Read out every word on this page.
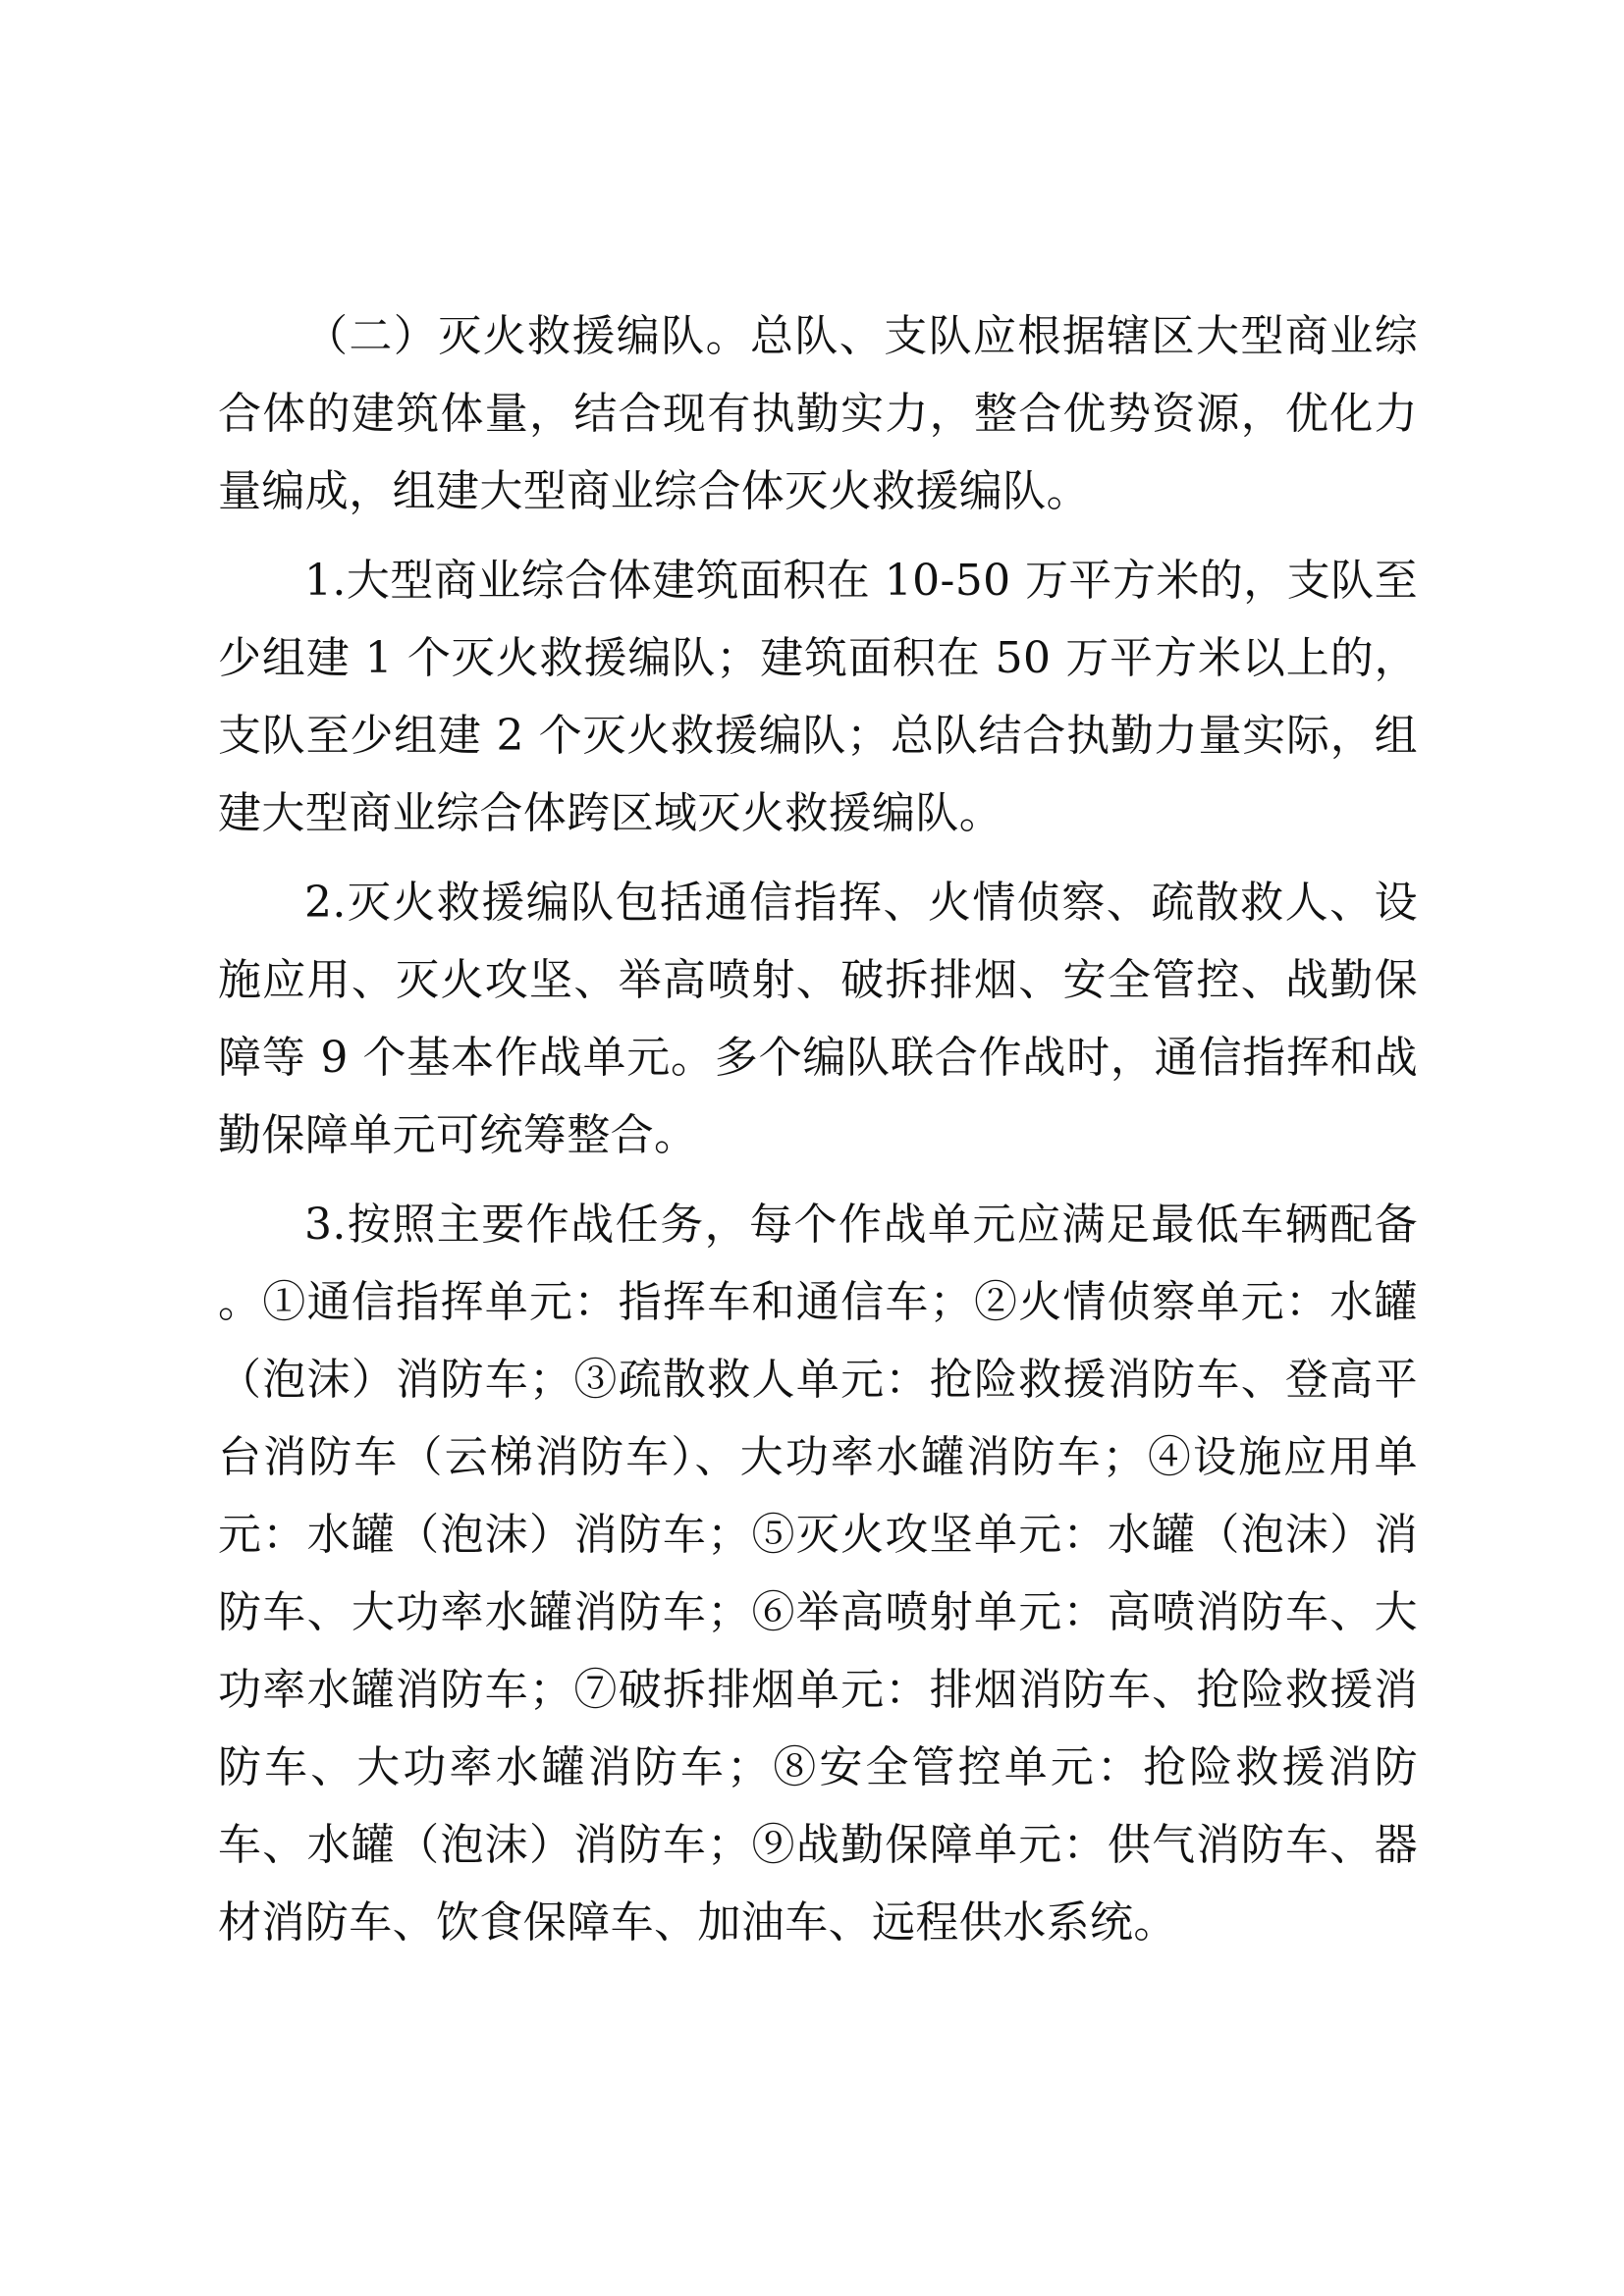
（二）灭火救援编队。总队、支队应根据辖区大型商业综合体的建筑体量，结合现有执勤实力，整合优势资源，优化力量编成，组建大型商业综合体灭火救援编队。

1.大型商业综合体建筑面积在 10-50 万平方米的，支队至少组建 1 个灭火救援编队；建筑面积在 50 万平方米以上的，支队至少组建 2 个灭火救援编队；总队结合执勤力量实际，组建大型商业综合体跨区域灭火救援编队。

2.灭火救援编队包括通信指挥、火情侦察、疏散救人、设施应用、灭火攻坚、举高喷射、破拆排烟、安全管控、战勤保障等 9 个基本作战单元。多个编队联合作战时，通信指挥和战勤保障单元可统筹整合。

3.按照主要作战任务，每个作战单元应满足最低车辆配备 。①通信指挥单元：指挥车和通信车；②火情侦察单元：水罐（泡沫）消防车；③疏散救人单元：抢险救援消防车、登高平台消防车（云梯消防车）、大功率水罐消防车；④设施应用单元：水罐（泡沫）消防车；⑤灭火攻坚单元：水罐（泡沫）消防车、大功率水罐消防车；⑥举高喷射单元：高喷消防车、大功率水罐消防车；⑦破拆排烟单元：排烟消防车、抢险救援消防车、大功率水罐消防车；⑧安全管控单元：抢险救援消防车、水罐（泡沫）消防车；⑨战勤保障单元：供气消防车、器材消防车、饮食保障车、加油车、远程供水系统。
